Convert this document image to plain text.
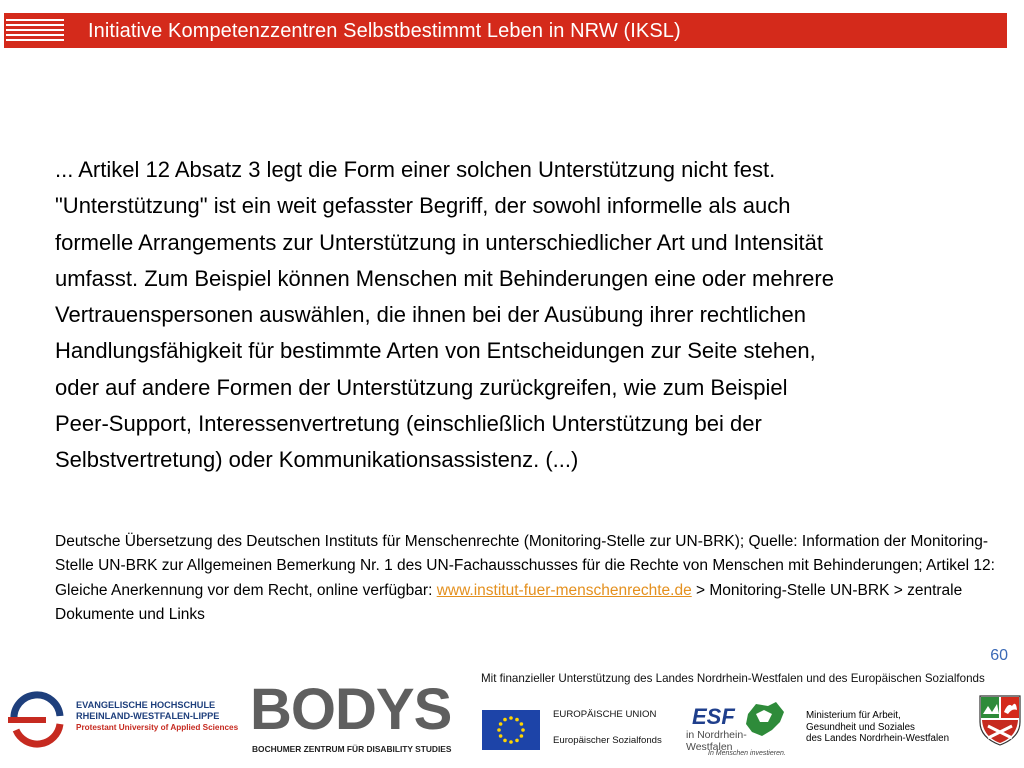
Initiative Kompetenzzentren Selbstbestimmt Leben in NRW (IKSL)
... Artikel 12 Absatz 3 legt die Form einer solchen Unterstützung nicht fest.
"Unterstützung" ist ein weit gefasster Begriff, der sowohl informelle als auch
formelle Arrangements zur Unterstützung in unterschiedlicher Art und Intensität
umfasst. Zum Beispiel können Menschen mit Behinderungen eine oder mehrere
Vertrauenspersonen auswählen, die ihnen bei der Ausübung ihrer rechtlichen
Handlungsfähigkeit für bestimmte Arten von Entscheidungen zur Seite stehen,
oder auf andere Formen der Unterstützung zurückgreifen, wie zum Beispiel
Peer-Support, Interessenvertretung (einschließlich Unterstützung bei der
Selbstvertretung) oder Kommunikationsassistenz. (...)
Deutsche Übersetzung des Deutschen Instituts für Menschenrechte (Monitoring-Stelle zur UN-BRK); Quelle: Information der Monitoring-Stelle UN-BRK zur Allgemeinen Bemerkung Nr. 1 des UN-Fachausschusses für die Rechte von Menschen mit Behinderungen; Artikel 12: Gleiche Anerkennung vor dem Recht, online verfügbar: www.institut-fuer-menschenrechte.de > Monitoring-Stelle UN-BRK > zentrale Dokumente und Links
60
Mit finanzieller Unterstützung des Landes Nordrhein-Westfalen und des Europäischen Sozialfonds
EVANGELISCHE HOCHSCHULE
RHEINLAND-WESTFALEN-LIPPE
Protestant University of Applied Sciences BODYS
BOCHUMER ZENTRUM FÜR DISABILITY STUDIES
EUROPÄISCHE UNION
Europäischer Sozialfonds
ESF
in Nordrhein-
Westfalen
In Menschen investieren.
Ministerium für Arbeit,
Gesundheit und Soziales
des Landes Nordrhein-Westfalen
